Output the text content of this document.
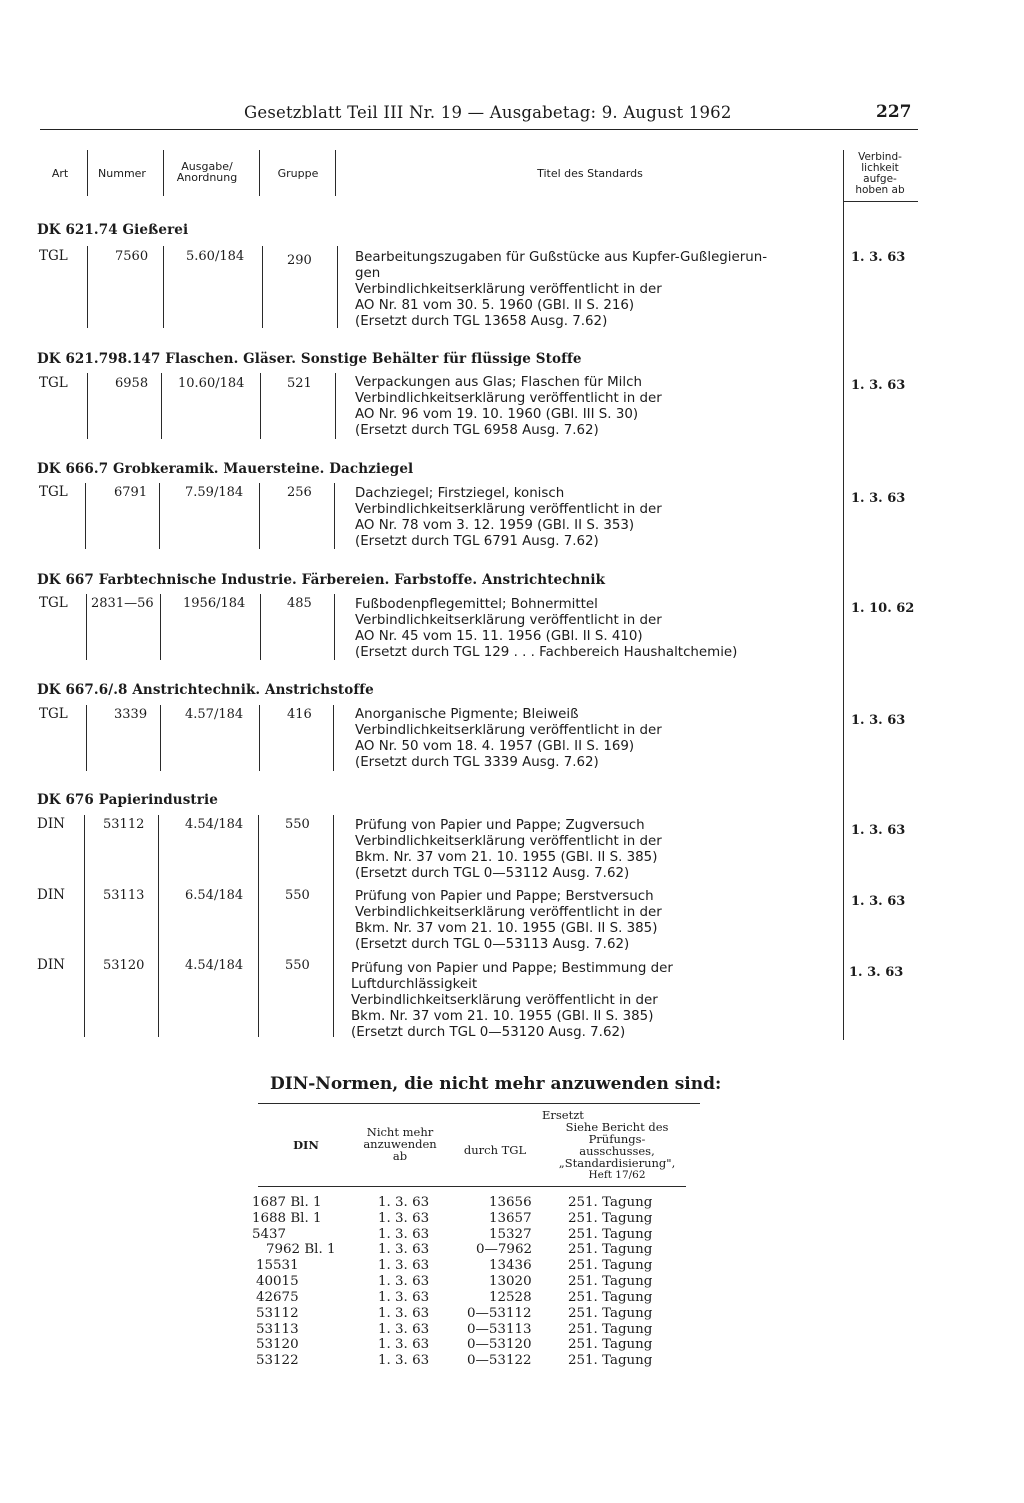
Gesetzblatt Teil III Nr. 19 — Ausgabetag: 9. August 1962	227
Art	Nummer
Ausgabe/
Anordnung	Gruppe	Titel des Standards
Verbind-
lichkeit
aufge-
hoben ab
DK 621.74 Gießerei
TGL	7560	5.60/184	290	Bearbeitungszugaben für Gußstücke aus Kupfer-Gußlegierun-
gen
Verbindlichkeitserklärung veröffentlicht in der
AO Nr. 81 vom 30. 5. 1960 (GBl. II S. 216)
(Ersetzt durch TGL 13658 Ausg. 7.62)
1. 3. 63
DK 621.798.147 Flaschen. Gläser. Sonstige Behälter für flüssige Stoffe
TGL	6958 10.60/184	521	Verpackungen aus Glas; Flaschen für Milch
Verbindlichkeitserklärung veröffentlicht in der
AO Nr. 96 vom 19. 10. 1960 (GBl. III S. 30)
(Ersetzt durch TGL 6958 Ausg. 7.62)
1. 3. 63
DK 666.7 Grobkeramik. Mauersteine. Dachziegel
TGL	6791	7.59/184	256	Dachziegel; Firstziegel, konisch
Verbindlichkeitserklärung veröffentlicht in der
AO Nr. 78 vom 3. 12. 1959 (GBl. II S. 353)
(Ersetzt durch TGL 6791 Ausg. 7.62)
1. 3. 63
DK 667 Farbtechnische Industrie. Färbereien. Farbstoffe. Anstrichtechnik
TGL 2831—56 1956/184	485	Fußbodenpflegemittel; Bohnermittel
Verbindlichkeitserklärung veröffentlicht in der
AO Nr. 45 vom 15. 11. 1956 (GBl. II S. 410)
(Ersetzt durch TGL 129 . . . Fachbereich Haushaltchemie)
1. 10. 62
DK 667.6/.8 Anstrichtechnik. Anstrichstoffe
TGL	3339	4.57/184	416	Anorganische Pigmente; Bleiweiß
Verbindlichkeitserklärung veröffentlicht in der
AO Nr. 50 vom 18. 4. 1957 (GBl. II S. 169)
(Ersetzt durch TGL 3339 Ausg. 7.62)
1. 3. 63
DK 676 Papierindustrie
DIN	53112	4.54/184	550	Prüfung von Papier und Pappe; Zugversuch
Verbindlichkeitserklärung veröffentlicht in der
Bkm. Nr. 37 vom 21. 10. 1955 (GBl. II S. 385)
(Ersetzt durch TGL 0—53112 Ausg. 7.62)
1. 3. 63
DIN	53113	6.54/184	550	Prüfung von Papier und Pappe; Berstversuch
Verbindlichkeitserklärung veröffentlicht in der
Bkm. Nr. 37 vom 21. 10. 1955 (GBl. II S. 385)
(Ersetzt durch TGL 0—53113 Ausg. 7.62)
1. 3. 63
DIN	53120	4.54/184	550	Prüfung von Papier und Pappe; Bestimmung der
Luftdurchlässigkeit
Verbindlichkeitserklärung veröffentlicht in der
Bkm. Nr. 37 vom 21. 10. 1955 (GBl. II S. 385)
(Ersetzt durch TGL 0—53120 Ausg. 7.62)
1. 3. 63
DIN-Normen, die nicht mehr anzuwenden sind:
DIN
Nicht mehr
anzuwenden
ab	durch TGL
Ersetzt
Siehe Bericht des
Prüfungs-
ausschusses,
„Standardisierung",
Heft 17/62
1687 Bl. 1	1. 3. 63	13656	251. Tagung
1688 Bl. 1	1. 3. 63	13657	251. Tagung
5437	1. 3. 63	15327	251. Tagung
7962 Bl. 1	1. 3. 63	0—7962	251. Tagung
15531	1. 3. 63	13436	251. Tagung
40015	1. 3. 63	13020	251. Tagung
42675	1. 3. 63	12528	251. Tagung
53112	1. 3. 63	0—53112	251. Tagung
53113	1. 3. 63	0—53113	251. Tagung
53120	1. 3. 63	0—53120	251. Tagung
53122	1. 3. 63	0—53122	251. Tagung
